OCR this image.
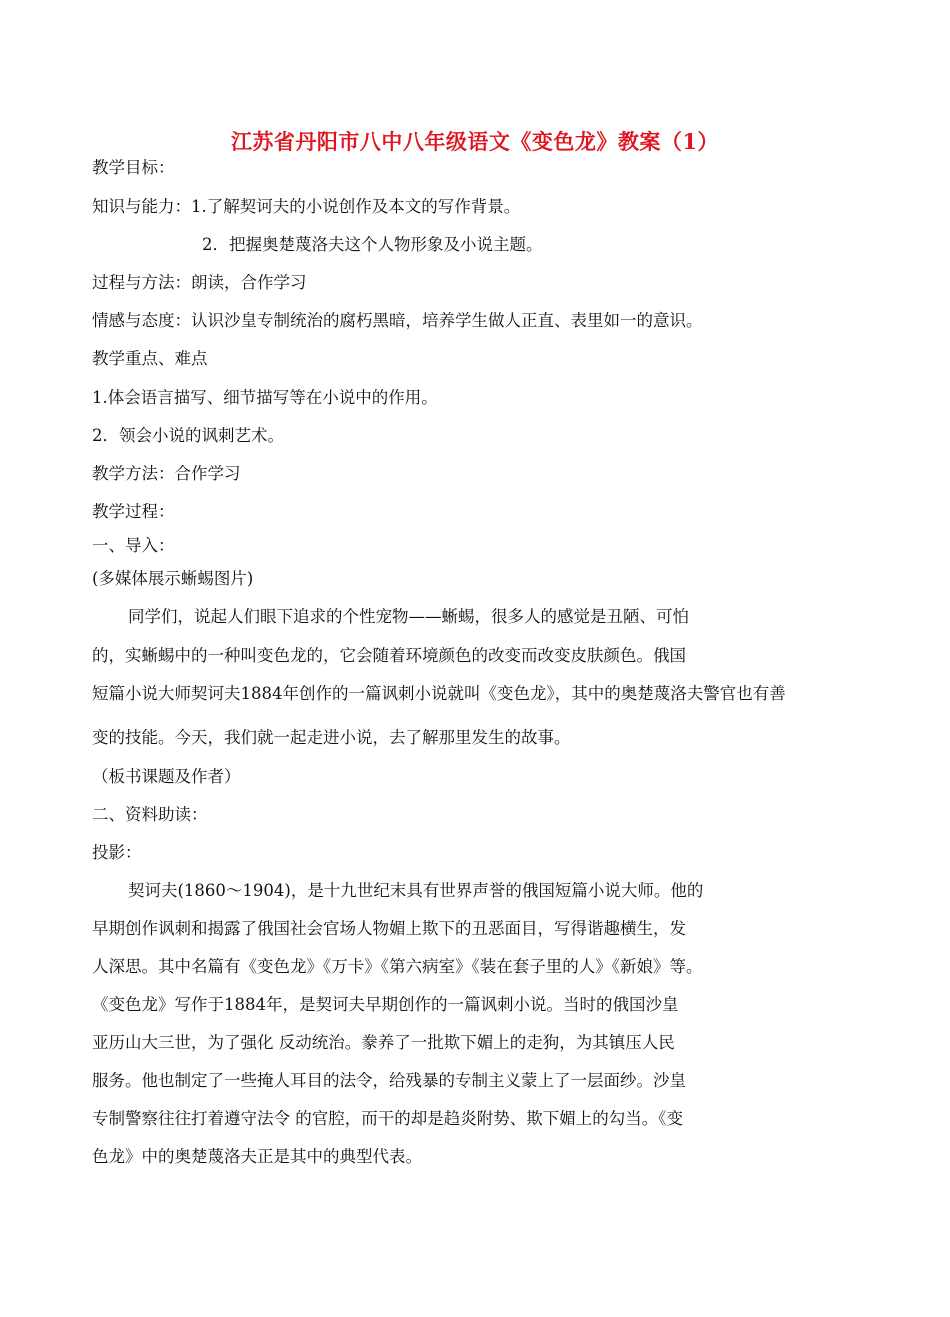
江苏省丹阳市八中八年级语文《变色龙》教案（1）
教学目标：
知识与能力：1.了解契诃夫的小说创作及本文的写作背景。
2．把握奥楚蔑洛夫这个人物形象及小说主题。
过程与方法：朗读，合作学习
情感与态度：认识沙皇专制统治的腐朽黑暗，培养学生做人正直、表里如一的意识。
教学重点、难点
1.体会语言描写、细节描写等在小说中的作用。
2．领会小说的讽刺艺术。
教学方法：合作学习
教学过程：
一、导入：
(多媒体展示蜥蜴图片)
同学们，说起人们眼下追求的个性宠物——蜥蜴，很多人的感觉是丑陋、可怕
的，实蜥蜴中的一种叫变色龙的，它会随着环境颜色的改变而改变皮肤颜色。俄国
短篇小说大师契诃夫1884年创作的一篇讽刺小说就叫《变色龙》，其中的奥楚蔑洛夫警官也有善
变的技能。今天，我们就一起走进小说，去了解那里发生的故事。
（板书课题及作者）
二、资料助读：
投影：
契诃夫(1860～1904)，是十九世纪末具有世界声誉的俄国短篇小说大师。他的
早期创作讽刺和揭露了俄国社会官场人物媚上欺下的丑恶面目，写得谐趣横生，发
人深思。其中名篇有《变色龙》《万卡》《第六病室》《装在套子里的人》《新娘》等。
《变色龙》写作于1884年，是契诃夫早期创作的一篇讽刺小说。当时的俄国沙皇
亚历山大三世，为了强化 反动统治。豢养了一批欺下媚上的走狗，为其镇压人民
服务。他也制定了一些掩人耳目的法令，给残暴的专制主义蒙上了一层面纱。沙皇
专制警察往往打着遵守法令 的官腔，而干的却是趋炎附势、欺下媚上的勾当。《变
色龙》中的奥楚蔑洛夫正是其中的典型代表。
